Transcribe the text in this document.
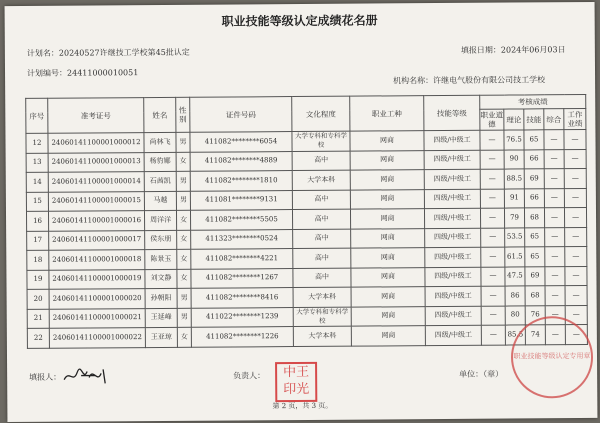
职业技能等级认定成绩花名册
计划名：20240527许继技工学校第45批认定	填报日期：2024年06月03日
计划编号：24411000010051
机构名称：许继电气股份有限公司技工学校
序号	准考证号	姓名	性别	证件号码	文化程度	职业工种	技能等级	考核成绩				
								职业道德	理论	技能	综合	工作业绩
12	24060141100001000012	尚林飞	男	411082********6054	大学专科和专科学校	网商	四级/中级工	—	76.5	65	—	—
13	24060141100001000013	杨豹娜	女	411082********4889	高中	网商	四级/中级工	—	90	66	—	—
14	24060141100001000014	石茜凯	男	411082********1810	大学本科	网商	四级/中级工	—	88.5	69	—	—
15	24060141100001000015	马越	男	411081********9131	高中	网商	四级/中级工	—	91	66	—	—
16	24060141100001000016	周洋洋	女	411082********5505	高中	网商	四级/中级工	—	79	68	—	—
17	24060141100001000017	侯东朋	女	411323********0524	高中	网商	四级/中级工	—	53.5	65	—	—
18	24060141100001000018	陈景玉	女	411082********4221	高中	网商	四级/中级工	—	61.5	65	—	—
19	24060141100001000019	刘文静	女	411082********1267	高中	网商	四级/中级工	—	47.5	69	—	—
20	24060141100001000020	孙朝阳	男	411082********8416	大学本科	网商	四级/中级工	—	86	68	—	—
21	24060141100001000021	王延峰	男	411022********1239	大学专科和专科学校	网商	四级/中级工	—	80	76	—	—
22	24060141100001000022	王亚琼	女	411082********1226	大学本科	网商	四级/中级工	—	85.5	74	—	—
填报人：	负责人：	中王
印光
单位：（章）
职业技能等级认定专用章
第 2 页，共 3 页。
